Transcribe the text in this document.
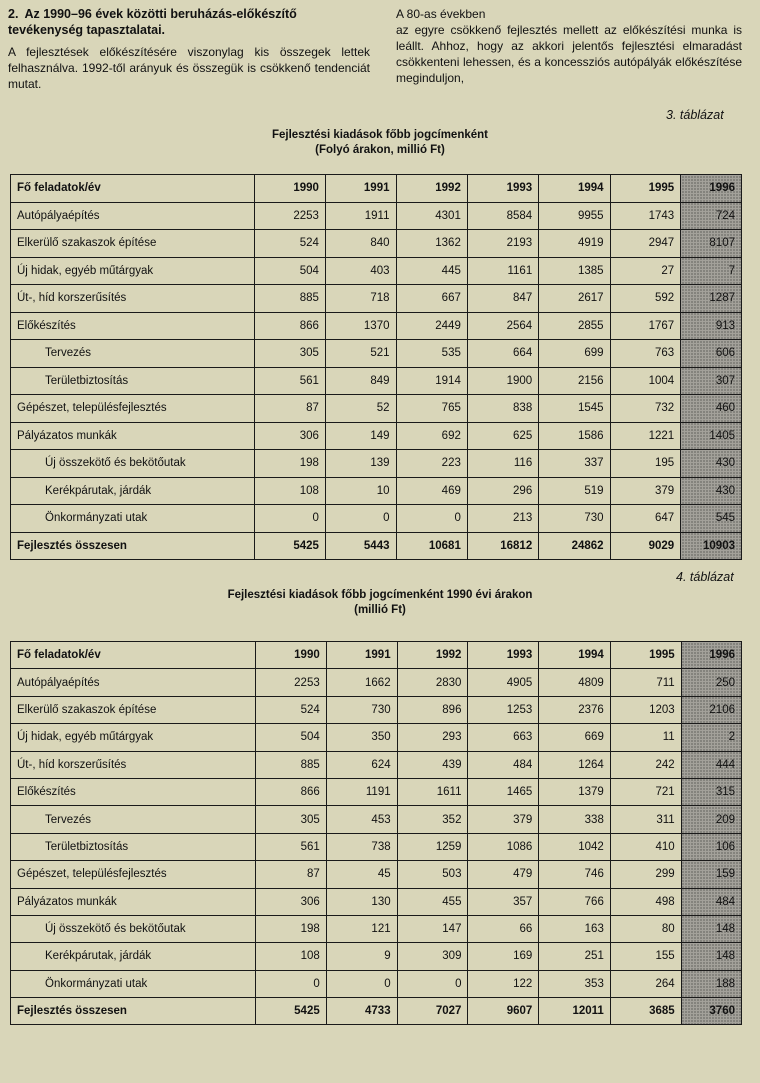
2. Az 1990–96 évek közötti beruházás-előkészítő tevékenység tapasztalatai.

A fejlesztések előkészítésére viszonylag kis összegek lettek felhasználva. 1992-től arányuk és összegük is csökkenő tendenciát mutat.

A 80-as években

az egyre csökkenő fejlesztés mellett az előkészítési munka is leállt. Ahhoz, hogy az akkori jelentős fejlesztési elmaradást csökkenteni lehessen, és a koncessziós autópályák előkészítése meginduljon,

3. táblázat
Fejlesztési kiadások főbb jogcímenként
(Folyó árakon, millió Ft)
Fő feladatok/év	1990	1991	1992	1993	1994	1995	1996
Autópályaépítés	2253	1911	4301	8584	9955	1743	724
Elkerülő szakaszok építése	524	840	1362	2193	4919	2947	8107
Új hidak, egyéb műtárgyak	504	403	445	1161	1385	27	7
Út-, híd korszerűsítés	885	718	667	847	2617	592	1287
Előkészítés	866	1370	2449	2564	2855	1767	913
Tervezés	305	521	535	664	699	763	606
Területbiztosítás	561	849	1914	1900	2156	1004	307
Gépészet, településfejlesztés	87	52	765	838	1545	732	460
Pályázatos munkák	306	149	692	625	1586	1221	1405
Új összekötő és bekötőutak	198	139	223	116	337	195	430
Kerékpárutak, járdák	108	10	469	296	519	379	430
Önkormányzati utak	0	0	0	213	730	647	545
Fejlesztés összesen	5425	5443	10681	16812	24862	9029	10903
4. táblázat
Fejlesztési kiadások főbb jogcímenként 1990 évi árakon
(millió Ft)
Fő feladatok/év	1990	1991	1992	1993	1994	1995	1996
Autópályaépítés	2253	1662	2830	4905	4809	711	250
Elkerülő szakaszok építése	524	730	896	1253	2376	1203	2106
Új hidak, egyéb műtárgyak	504	350	293	663	669	11	2
Út-, híd korszerűsítés	885	624	439	484	1264	242	444
Előkészítés	866	1191	1611	1465	1379	721	315
Tervezés	305	453	352	379	338	311	209
Területbiztosítás	561	738	1259	1086	1042	410	106
Gépészet, településfejlesztés	87	45	503	479	746	299	159
Pályázatos munkák	306	130	455	357	766	498	484
Új összekötő és bekötőutak	198	121	147	66	163	80	148
Kerékpárutak, járdák	108	9	309	169	251	155	148
Önkormányzati utak	0	0	0	122	353	264	188
Fejlesztés összesen	5425	4733	7027	9607	12011	3685	3760
